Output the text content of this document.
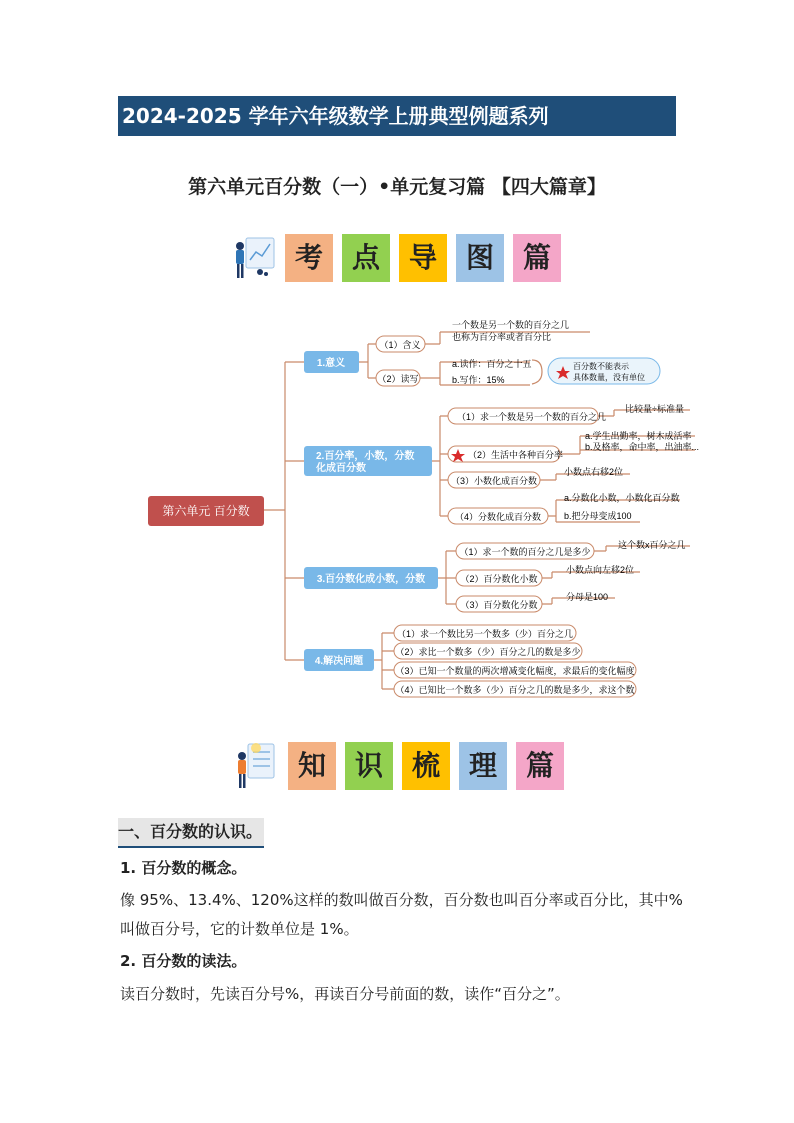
2024-2025 学年六年级数学上册典型例题系列
第六单元百分数（一）•单元复习篇 【四大篇章】
考	点	导	图	篇
第六单元 百分数
1.意义
（1）含义
一个数是另一个数的百分之几
也称为百分率或者百分比
（2）读写
a.读作：百分之十五
b.写作：15%
百分数不能表示
具体数量，没有单位
2.百分率，小数，分数
化成百分数
（1）求一个数是另一个数的百分之几
比较量÷标准量
（2）生活中各种百分率
a.学生出勤率，树木成活率
b.及格率，命中率，出油率...
（3）小数化成百分数
小数点右移2位
（4）分数化成百分数
a.分数化小数，小数化百分数
b.把分母变成100
3.百分数化成小数，分数
（1）求一个数的百分之几是多少
这个数x百分之几
（2）百分数化小数
小数点向左移2位
（3）百分数化分数
分母是100
4.解决问题
（1）求一个数比另一个数多（少）百分之几
（2）求比一个数多（少）百分之几的数是多少
（3）已知一个数量的两次增减变化幅度，求最后的变化幅度
（4）已知比一个数多（少）百分之几的数是多少，求这个数
知	识	梳	理	篇
一、百分数的认识。
1. 百分数的概念。
像 95%、13.4%、120%这样的数叫做百分数，百分数也叫百分率或百分比，其中%
叫做百分号，它的计数单位是 1%。
2. 百分数的读法。
读百分数时，先读百分号%，再读百分号前面的数，读作“百分之”。
